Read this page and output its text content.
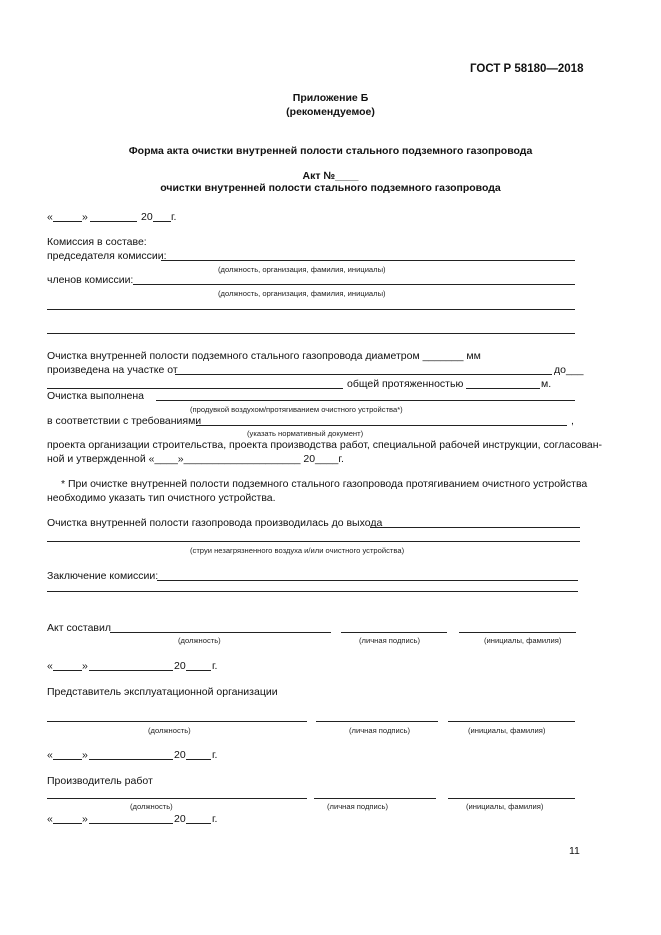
ГОСТ Р 58180—2018
Приложение Б
(рекомендуемое)
Форма акта очистки внутренней полости стального подземного газопровода
Акт №____
очистки внутренней полости стального подземного газопровода
«	»	20 г.
Комиссия в составе:
председателя комиссии:
(должность, организация, фамилия, инициалы)
членов комиссии:
(должность, организация, фамилия, инициалы)
Очистка внутренней полости подземного стального газопровода диаметром _______ мм
произведена на участке от	до___
общей протяженностью	м.
Очистка выполнена
(продувкой воздухом/протягиванием очистного устройства*)
в соответствии с требованиями	,
(указать нормативный документ)
проекта организации строительства, проекта производства работ, специальной рабочей инструкции, согласован-
ной и утвержденной «____»____________________ 20____г.
* При очистке внутренней полости подземного стального газопровода протягиванием очистного устройства
необходимо указать тип очистного устройства.
Очистка внутренней полости газопровода производилась до выхода
(струи незагрязненного воздуха и/или очистного устройства)
Заключение комиссии:
Акт составил
(должность)	(личная подпись)	(инициалы, фамилия)
«	»	20	г.
Представитель эксплуатационной организации
(должность)	(личная подпись)	(инициалы, фамилия)
«	»	20	г.
Производитель работ
(должность)	(личная подпись)	(инициалы, фамилия)
«	»	20	г.
11
